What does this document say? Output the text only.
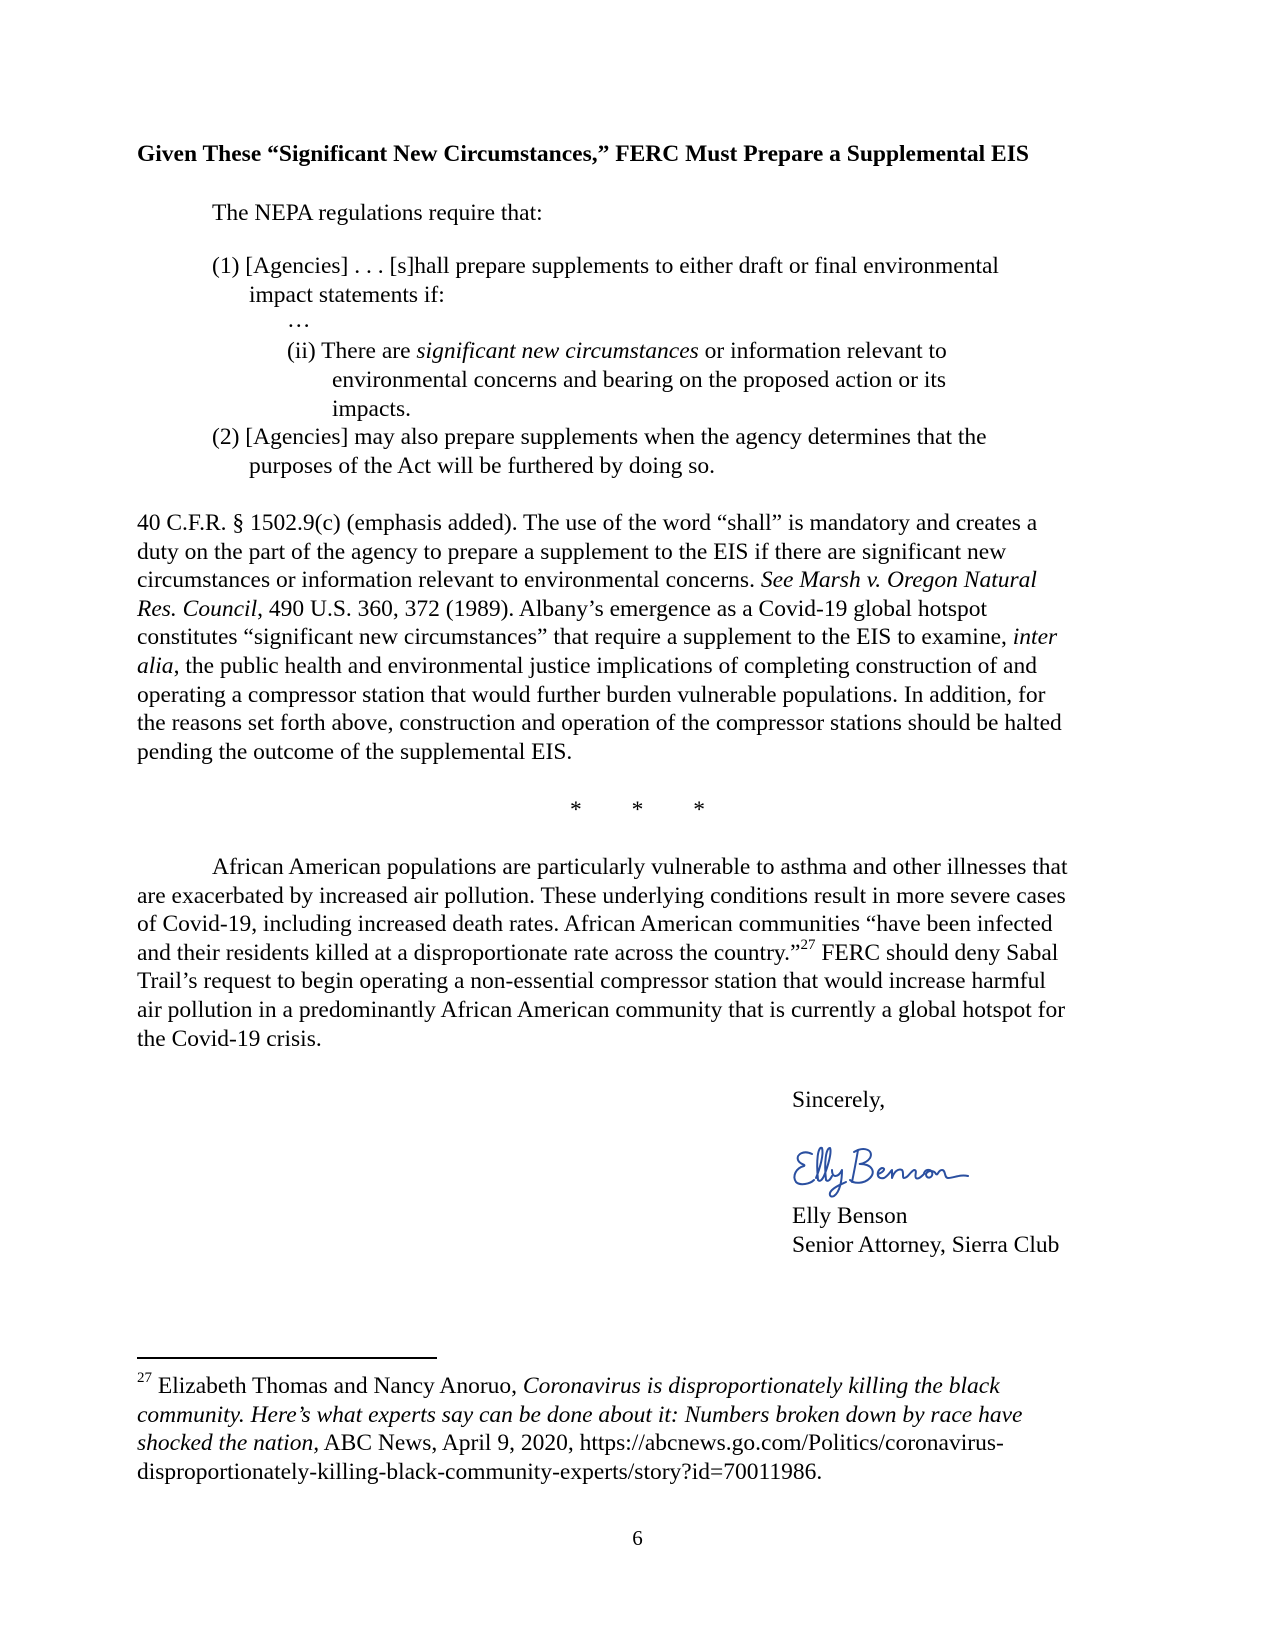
Given These “Significant New Circumstances,” FERC Must Prepare a Supplemental EIS
The NEPA regulations require that:
(1) [Agencies] . . . [s]hall prepare supplements to either draft or final environmental
impact statements if:
…
(ii) There are significant new circumstances or information relevant to
environmental concerns and bearing on the proposed action or its
impacts.
(2) [Agencies] may also prepare supplements when the agency determines that the
purposes of the Act will be furthered by doing so.
40 C.F.R. § 1502.9(c) (emphasis added). The use of the word “shall” is mandatory and creates a
duty on the part of the agency to prepare a supplement to the EIS if there are significant new
circumstances or information relevant to environmental concerns. See Marsh v. Oregon Natural
Res. Council, 490 U.S. 360, 372 (1989). Albany’s emergence as a Covid-19 global hotspot
constitutes “significant new circumstances” that require a supplement to the EIS to examine, inter
alia, the public health and environmental justice implications of completing construction of and
operating a compressor station that would further burden vulnerable populations. In addition, for
the reasons set forth above, construction and operation of the compressor stations should be halted
pending the outcome of the supplemental EIS.
* * *
African American populations are particularly vulnerable to asthma and other illnesses that
are exacerbated by increased air pollution. These underlying conditions result in more severe cases
of Covid-19, including increased death rates. African American communities “have been infected
and their residents killed at a disproportionate rate across the country.”$^{27}$ FERC should deny Sabal
Trail’s request to begin operating a non-essential compressor station that would increase harmful
air pollution in a predominantly African American community that is currently a global hotspot for
the Covid-19 crisis.
Sincerely,
Elly Benson
Senior Attorney, Sierra Club
$^{27}$ Elizabeth Thomas and Nancy Anoruo, Coronavirus is disproportionately killing the black
community. Here’s what experts say can be done about it: Numbers broken down by race have
shocked the nation, ABC News, April 9, 2020, https://abcnews.go.com/Politics/coronavirus-
disproportionately-killing-black-community-experts/story?id=70011986.
6
